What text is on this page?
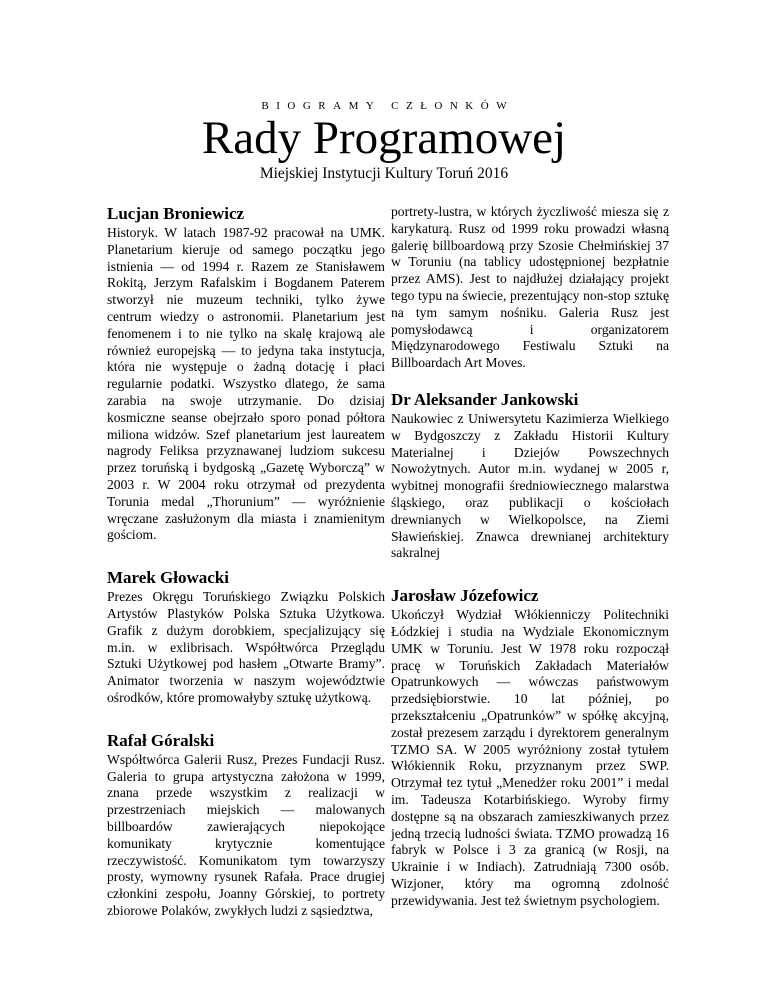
BIOGRAMY CZŁONKÓW
Rady Programowej
Miejskiej Instytucji Kultury Toruń 2016
Lucjan Broniewicz

Historyk. W latach 1987-92 pracował na UMK. Planetarium kieruje od samego początku jego istnienia — od 1994 r. Razem ze Stanisławem Rokitą, Jerzym Rafalskim i Bogdanem Paterem stworzył nie muzeum techniki, tylko żywe centrum wiedzy o astronomii. Planetarium jest fenomenem i to nie tylko na skalę krajową ale również europejską — to jedyna taka instytucja, która nie występuje o żadną dotację i płaci regularnie podatki. Wszystko dlatego, że sama zarabia na swoje utrzymanie. Do dzisiaj kosmiczne seanse obejrzało sporo ponad półtora miliona widzów. Szef planetarium jest laureatem nagrody Feliksa przyznawanej ludziom sukcesu przez toruńską i bydgoską „Gazetę Wyborczą” w 2003 r. W 2004 roku otrzymał od prezydenta Torunia medal „Thorunium” — wyróżnienie wręczane zasłużonym dla miasta i znamienitym gościom.

Marek Głowacki

Prezes Okręgu Toruńskiego Związku Polskich Artystów Plastyków Polska Sztuka Użytkowa. Grafik z dużym dorobkiem, specjalizujący się m.in. w exlibrisach. Współtwórca Przeglądu Sztuki Użytkowej pod hasłem „Otwarte Bramy”. Animator tworzenia w naszym województwie ośrodków, które promowałyby sztukę użytkową.

Rafał Góralski

Współtwórca Galerii Rusz, Prezes Fundacji Rusz. Galeria to grupa artystyczna założona w 1999, znana przede wszystkim z realizacji w przestrzeniach miejskich — malowanych billboardów zawierających niepokojące komunikaty krytycznie komentujące rzeczywistość. Komunikatom tym towarzyszy prosty, wymowny rysunek Rafała. Prace drugiej członkini zespołu, Joanny Górskiej, to portrety zbiorowe Polaków, zwykłych ludzi z sąsiedztwa,

portrety-lustra, w których życzliwość miesza się z karykaturą. Rusz od 1999 roku prowadzi własną galerię billboardową przy Szosie Chełmińskiej 37 w Toruniu (na tablicy udostępnionej bezpłatnie przez AMS). Jest to najdłużej działający projekt tego typu na świecie, prezentujący non-stop sztukę na tym samym nośniku. Galeria Rusz jest pomysłodawcą i organizatorem Międzynarodowego Festiwalu Sztuki na Billboardach Art Moves.

Dr Aleksander Jankowski

Naukowiec z Uniwersytetu Kazimierza Wielkiego w Bydgoszczy z Zakładu Historii Kultury Materialnej i Dziejów Powszechnych Nowożytnych. Autor m.in. wydanej w 2005 r, wybitnej monografii średniowiecznego malarstwa śląskiego, oraz publikacji o kościołach drewnianych w Wielkopolsce, na Ziemi Sławieńskiej. Znawca drewnianej architektury sakralnej

Jarosław Józefowicz

Ukończył Wydział Włókienniczy Politechniki Łódzkiej i studia na Wydziale Ekonomicznym UMK w Toruniu. Jest W 1978 roku rozpoczął pracę w Toruńskich Zakładach Materiałów Opatrunkowych — wówczas państwowym przedsiębiorstwie. 10 lat później, po przekształceniu „Opatrunków” w spółkę akcyjną, został prezesem zarządu i dyrektorem generalnym TZMO SA. W 2005 wyróżniony został tytułem Włókiennik Roku, przyznanym przez SWP. Otrzymał tez tytuł „Menedżer roku 2001” i medal im. Tadeusza Kotarbińskiego. Wyroby firmy dostępne są na obszarach zamieszkiwanych przez jedną trzecią ludności świata. TZMO prowadzą 16 fabryk w Polsce i 3 za granicą (w Rosji, na Ukrainie i w Indiach). Zatrudniają 7300 osób. Wizjoner, który ma ogromną zdolność przewidywania. Jest też świetnym psychologiem.
